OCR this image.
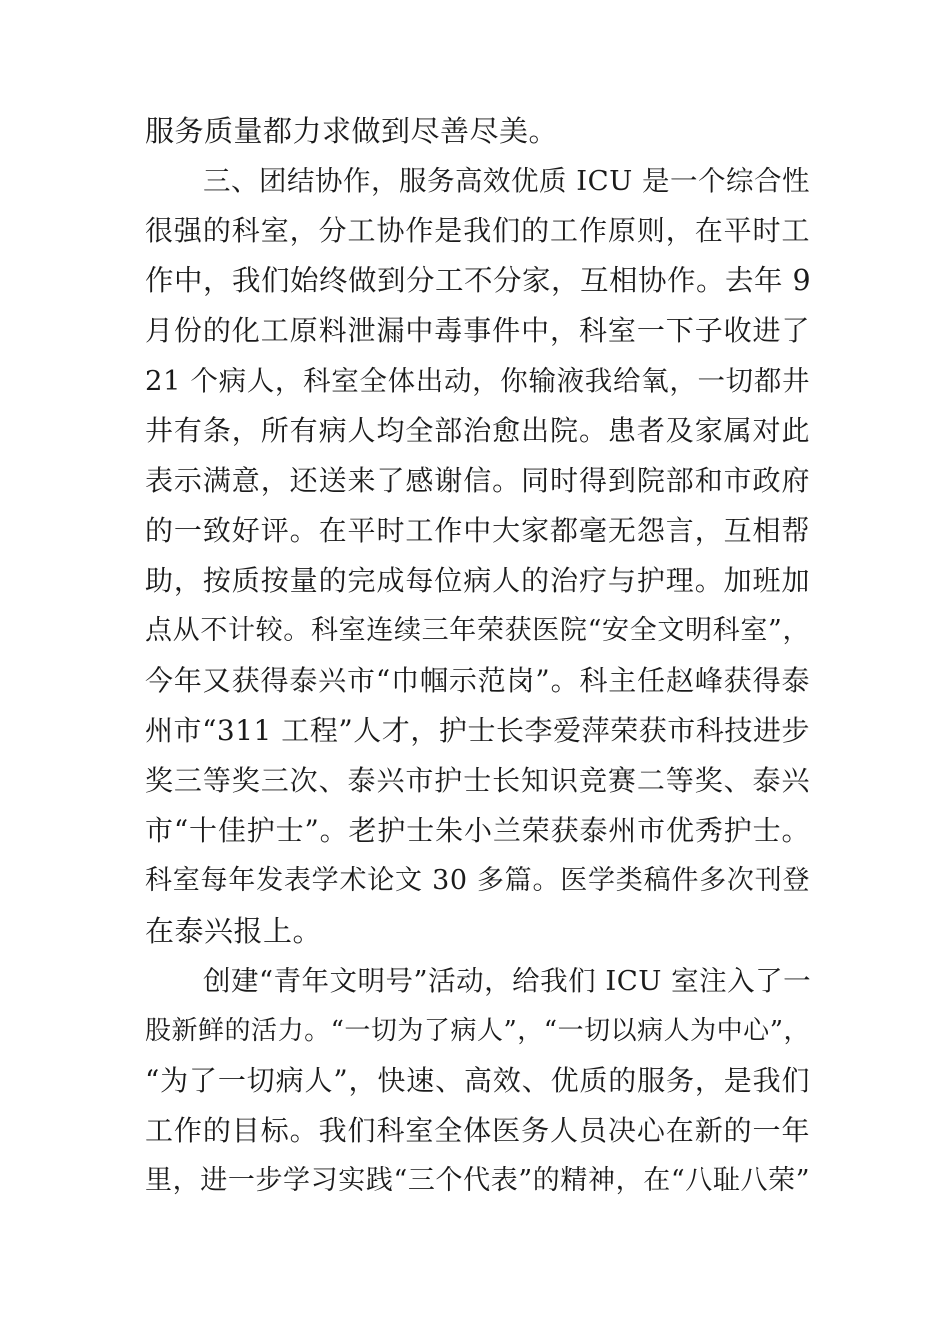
服务质量都力求做到尽善尽美。
三、团结协作，服务高效优质 ICU 是一个综合性
很强的科室，分工协作是我们的工作原则，在平时工
作中，我们始终做到分工不分家，互相协作。去年 9
月份的化工原料泄漏中毒事件中，科室一下子收进了
21 个病人，科室全体出动，你输液我给氧，一切都井
井有条，所有病人均全部治愈出院。患者及家属对此
表示满意，还送来了感谢信。同时得到院部和市政府
的一致好评。在平时工作中大家都毫无怨言，互相帮
助，按质按量的完成每位病人的治疗与护理。加班加
点从不计较。科室连续三年荣获医院“安全文明科室”，
今年又获得泰兴市“巾帼示范岗”。科主任赵峰获得泰
州市“311 工程”人才，护士长李爱萍荣获市科技进步
奖三等奖三次、泰兴市护士长知识竞赛二等奖、泰兴
市“十佳护士”。老护士朱小兰荣获泰州市优秀护士。
科室每年发表学术论文 30 多篇。医学类稿件多次刊登
在泰兴报上。
创建“青年文明号”活动，给我们 ICU 室注入了一
股新鲜的活力。“一切为了病人”，“一切以病人为中心”，
“为了一切病人”，快速、高效、优质的服务，是我们
工作的目标。我们科室全体医务人员决心在新的一年
里，进一步学习实践“三个代表”的精神，在“八耻八荣”
